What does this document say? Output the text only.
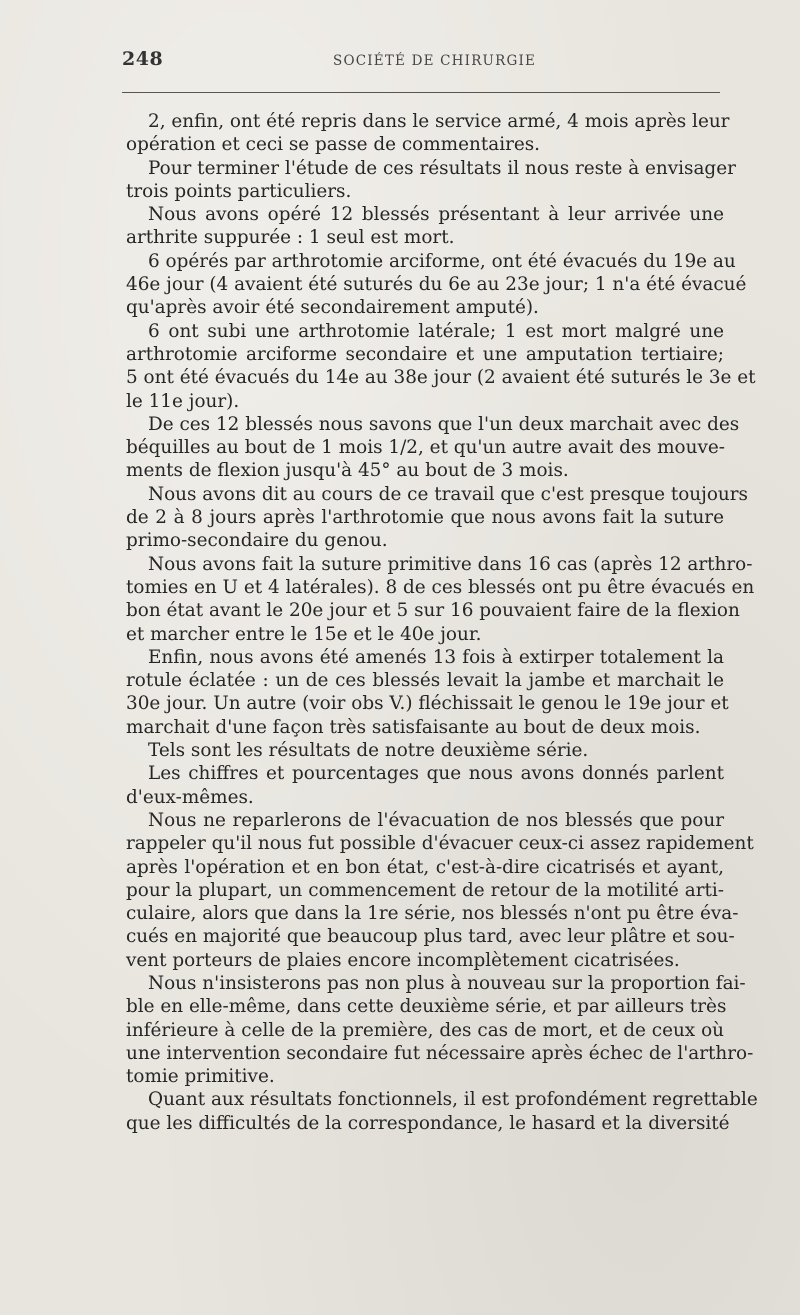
248	SOCIÉTÉ DE CHIRURGIE
2, enfin, ont été repris dans le service armé, 4 mois après leur
opération et ceci se passe de commentaires.
Pour terminer l'étude de ces résultats il nous reste à envisager
trois points particuliers.
Nous avons opéré 12 blessés présentant à leur arrivée une
arthrite suppurée : 1 seul est mort.
6 opérés par arthrotomie arciforme, ont été évacués du 19e au
46e jour (4 avaient été suturés du 6e au 23e jour; 1 n'a été évacué
qu'après avoir été secondairement amputé).
6 ont subi une arthrotomie latérale; 1 est mort malgré une
arthrotomie arciforme secondaire et une amputation tertiaire;
5 ont été évacués du 14e au 38e jour (2 avaient été suturés le 3e et
le 11e jour).
De ces 12 blessés nous savons que l'un deux marchait avec des
béquilles au bout de 1 mois 1/2, et qu'un autre avait des mouve-
ments de flexion jusqu'à 45° au bout de 3 mois.
Nous avons dit au cours de ce travail que c'est presque toujours
de 2 à 8 jours après l'arthrotomie que nous avons fait la suture
primo-secondaire du genou.
Nous avons fait la suture primitive dans 16 cas (après 12 arthro-
tomies en U et 4 latérales). 8 de ces blessés ont pu être évacués en
bon état avant le 20e jour et 5 sur 16 pouvaient faire de la flexion
et marcher entre le 15e et le 40e jour.
Enfin, nous avons été amenés 13 fois à extirper totalement la
rotule éclatée : un de ces blessés levait la jambe et marchait le
30e jour. Un autre (voir obs V.) fléchissait le genou le 19e jour et
marchait d'une façon très satisfaisante au bout de deux mois.
Tels sont les résultats de notre deuxième série.
Les chiffres et pourcentages que nous avons donnés parlent
d'eux-mêmes.
Nous ne reparlerons de l'évacuation de nos blessés que pour
rappeler qu'il nous fut possible d'évacuer ceux-ci assez rapidement
après l'opération et en bon état, c'est-à-dire cicatrisés et ayant,
pour la plupart, un commencement de retour de la motilité arti-
culaire, alors que dans la 1re série, nos blessés n'ont pu être éva-
cués en majorité que beaucoup plus tard, avec leur plâtre et sou-
vent porteurs de plaies encore incomplètement cicatrisées.
Nous n'insisterons pas non plus à nouveau sur la proportion fai-
ble en elle-même, dans cette deuxième série, et par ailleurs très
inférieure à celle de la première, des cas de mort, et de ceux où
une intervention secondaire fut nécessaire après échec de l'arthro-
tomie primitive.
Quant aux résultats fonctionnels, il est profondément regrettable
que les difficultés de la correspondance, le hasard et la diversité
